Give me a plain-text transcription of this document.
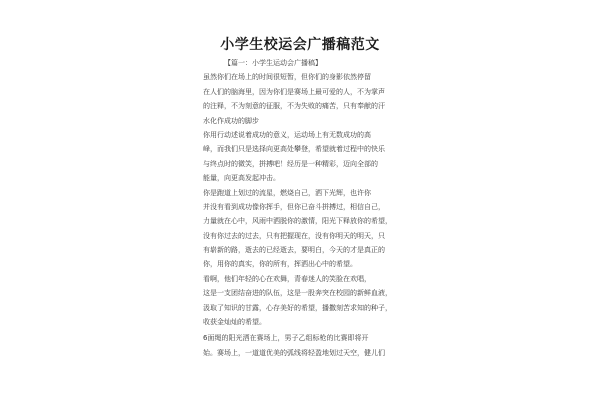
小学生校运会广播稿范文
【篇一：小学生运动会广播稿】
虽然你们在场上的时间很短暂，但你们的身影依然停留
在人们的脑海里，因为你们是赛场上最可爱的人，不为掌声
的注释，不为刻意的征服，不为失败的痛苦，只有奉献的汗
水化作成功的脚步
你用行动述说着成功的意义，运动场上有无数成功的高
峰，而我们只是选择向更高处攀登，希望就着过程中的快乐
与终点时的微笑，拼搏吧！经历是一种精彩，迈向全部的
能量，向更高发起冲击。
你是跑道上划过的流星，燃烧自己，洒下光辉，也许你
并没有看到成功像你挥手，但你已奋斗拼搏过，相信自己，
力量就在心中，风雨中洒脱你的激情，阳光下释放你的希望，
没有你过去的过去，只有把握现在，没有你明天的明天，只
有崭新的路，逝去的已经逝去，要明白，今天的才是真正的
你，用你的真实，你的所有，挥洒出心中的希望。
看啊，他们年轻的心在欢舞，青春迷人的笑脸在欢唱，
这是一支团结奋进的队伍，这是一股奔突在校园的新鲜血液，
汲取了知识的甘露，心存美好的希望，播撒刻苦求知的种子，
收获金灿灿的希望。
6面绳的阳光洒在赛场上，男子乙组标枪的比赛即将开
始。赛场上，一道道优美的弧线将轻盈地划过天空，健儿们
